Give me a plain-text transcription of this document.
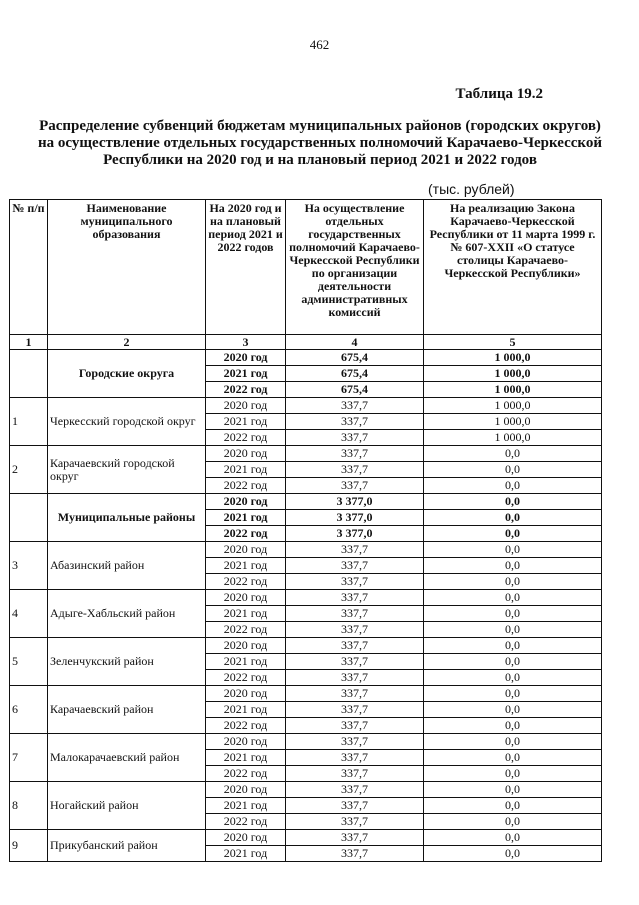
462
Таблица 19.2
Распределение субвенций бюджетам муниципальных районов (городских округов) на осуществление отдельных государственных полномочий Карачаево-Черкесской Республики на 2020 год и на плановый период 2021 и 2022 годов
(тыс. рублей)
№ п/п	Наименование муниципального образования	На 2020 год и на плановый период 2021 и 2022 годов	На осуществление отдельных государственных полномочий Карачаево-Черкесской Республики по организации деятельности административных комиссий	На реализацию Закона Карачаево-Черкесской Республики от 11 марта 1999 г. № 607-XXII «О статусе столицы Карачаево-Черкесской Республики»
1	2	3	4	5
	Городские округа	2020 год	675,4	1 000,0
		2021 год	675,4	1 000,0
		2022 год	675,4	1 000,0
1	Черкесский городской округ	2020 год	337,7	1 000,0
		2021 год	337,7	1 000,0
		2022 год	337,7	1 000,0
2	Карачаевский городской округ	2020 год	337,7	0,0
		2021 год	337,7	0,0
		2022 год	337,7	0,0
	Муниципальные районы	2020 год	3 377,0	0,0
		2021 год	3 377,0	0,0
		2022 год	3 377,0	0,0
3	Абазинский район	2020 год	337,7	0,0
		2021 год	337,7	0,0
		2022 год	337,7	0,0
4	Адыге-Хабльский район	2020 год	337,7	0,0
		2021 год	337,7	0,0
		2022 год	337,7	0,0
5	Зеленчукский район	2020 год	337,7	0,0
		2021 год	337,7	0,0
		2022 год	337,7	0,0
6	Карачаевский район	2020 год	337,7	0,0
		2021 год	337,7	0,0
		2022 год	337,7	0,0
7	Малокарачаевский район	2020 год	337,7	0,0
		2021 год	337,7	0,0
		2022 год	337,7	0,0
8	Ногайский район	2020 год	337,7	0,0
		2021 год	337,7	0,0
		2022 год	337,7	0,0
9	Прикубанский район	2020 год	337,7	0,0
		2021 год	337,7	0,0
